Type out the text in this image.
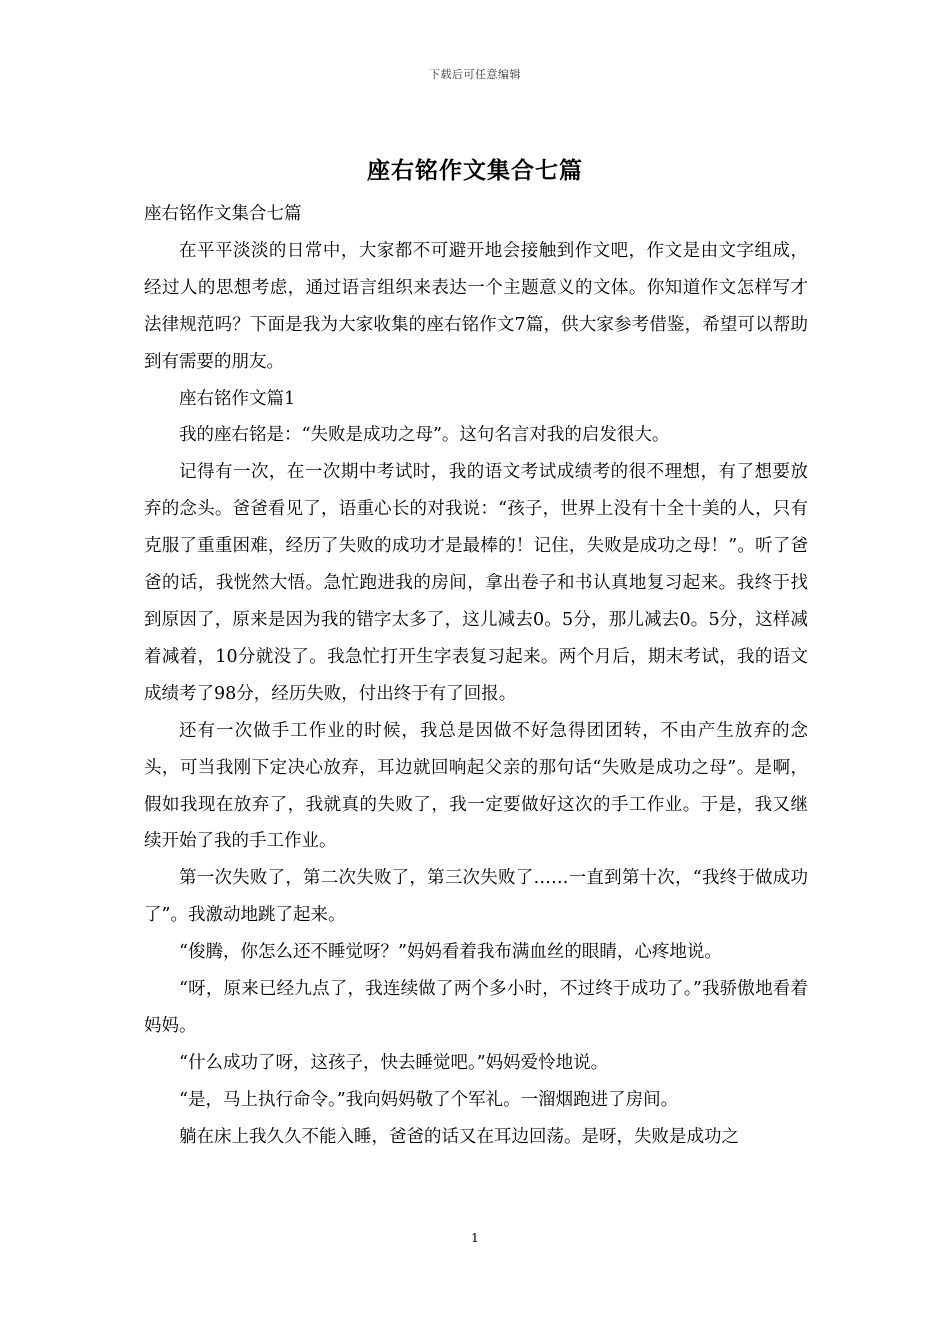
下载后可任意编辑
座右铭作文集合七篇

座右铭作文集合七篇

在平平淡淡的日常中，大家都不可避开地会接触到作文吧，作文是由文字组成，经过人的思想考虑，通过语言组织来表达一个主题意义的文体。你知道作文怎样写才法律规范吗？下面是我为大家收集的座右铭作文7篇，供大家参考借鉴，希望可以帮助到有需要的朋友。

座右铭作文篇1

我的座右铭是：“失败是成功之母”。这句名言对我的启发很大。

记得有一次，在一次期中考试时，我的语文考试成绩考的很不理想，有了想要放弃的念头。爸爸看见了，语重心长的对我说：“孩子，世界上没有十全十美的人，只有克服了重重困难，经历了失败的成功才是最棒的！记住，失败是成功之母！”。听了爸爸的话，我恍然大悟。急忙跑进我的房间，拿出卷子和书认真地复习起来。我终于找到原因了，原来是因为我的错字太多了，这儿减去0。5分，那儿减去0。5分，这样减着减着，10分就没了。我急忙打开生字表复习起来。两个月后，期末考试，我的语文成绩考了98分，经历失败，付出终于有了回报。

还有一次做手工作业的时候，我总是因做不好急得团团转，不由产生放弃的念头，可当我刚下定决心放弃，耳边就回响起父亲的那句话“失败是成功之母”。是啊，假如我现在放弃了，我就真的失败了，我一定要做好这次的手工作业。于是，我又继续开始了我的手工作业。

第一次失败了，第二次失败了，第三次失败了……一直到第十次，“我终于做成功了”。我激动地跳了起来。

“俊腾，你怎么还不睡觉呀？”妈妈看着我布满血丝的眼睛，心疼地说。

“呀，原来已经九点了，我连续做了两个多小时，不过终于成功了。”我骄傲地看着妈妈。

“什么成功了呀，这孩子，快去睡觉吧。”妈妈爱怜地说。

“是，马上执行命令。”我向妈妈敬了个军礼。一溜烟跑进了房间。

躺在床上我久久不能入睡，爸爸的话又在耳边回荡。是呀，失败是成功之

1
